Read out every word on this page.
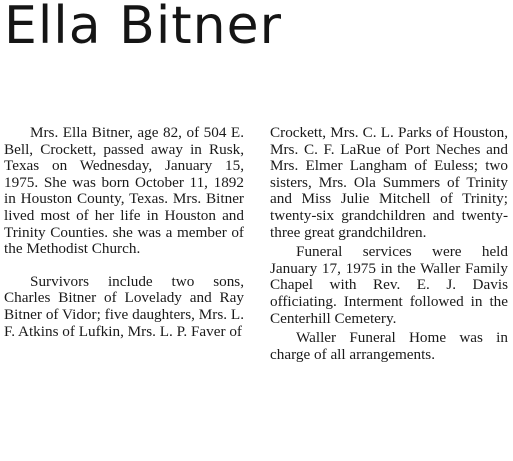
Ella Bitner

Mrs. Ella Bitner, age 82, of 504 E. Bell, Crockett, passed away in Rusk, Texas on Wednesday, January 15, 1975. She was born October 11, 1892 in Houston County, Texas. Mrs. Bitner lived most of her life in Houston and Trinity Counties. she was a member of the Methodist Church.

Survivors include two sons, Charles Bitner of Lovelady and Ray Bitner of Vidor; five daughters, Mrs. L. F. Atkins of Lufkin, Mrs. L. P. Faver of

Crockett, Mrs. C. L. Parks of Houston, Mrs. C. F. LaRue of Port Neches and Mrs. Elmer Langham of Euless; two sisters, Mrs. Ola Summers of Trinity and Miss Julie Mitchell of Trinity; twenty-six grandchildren and twenty-three great grandchildren.

Funeral services were held January 17, 1975 in the Waller Family Chapel with Rev. E. J. Davis officiating. Interment followed in the Centerhill Cemetery.

Waller Funeral Home was in charge of all arrangements.
